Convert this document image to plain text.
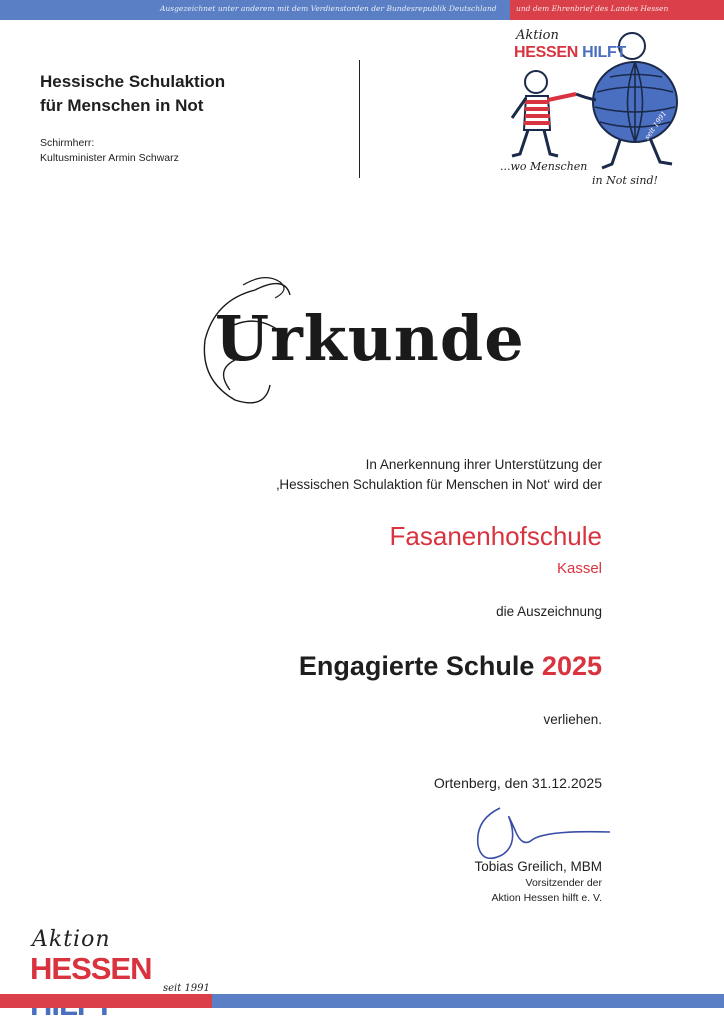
Ausgezeichnet unter anderem mit dem Verdienstorden der Bundesrepublik Deutschland	und dem Ehrenbrief des Landes Hessen
Hessische Schulaktion
für Menschen in Not
Schirmherr:
Kultusminister Armin Schwarz
seit 1991
Aktion
HESSEN HILFT
...wo Menschen
in Not sind!
Urkunde
In Anerkennung ihrer Unterstützung der
‚Hessischen Schulaktion für Menschen in Not‘ wird der
Fasanenhofschule
Kassel
die Auszeichnung
Engagierte Schule 2025
verliehen.
Ortenberg, den 31.12.2025
Tobias Greilich, MBM
Vorsitzender der
Aktion Hessen hilft e. V.
Aktion
HESSEN
seit 1991
